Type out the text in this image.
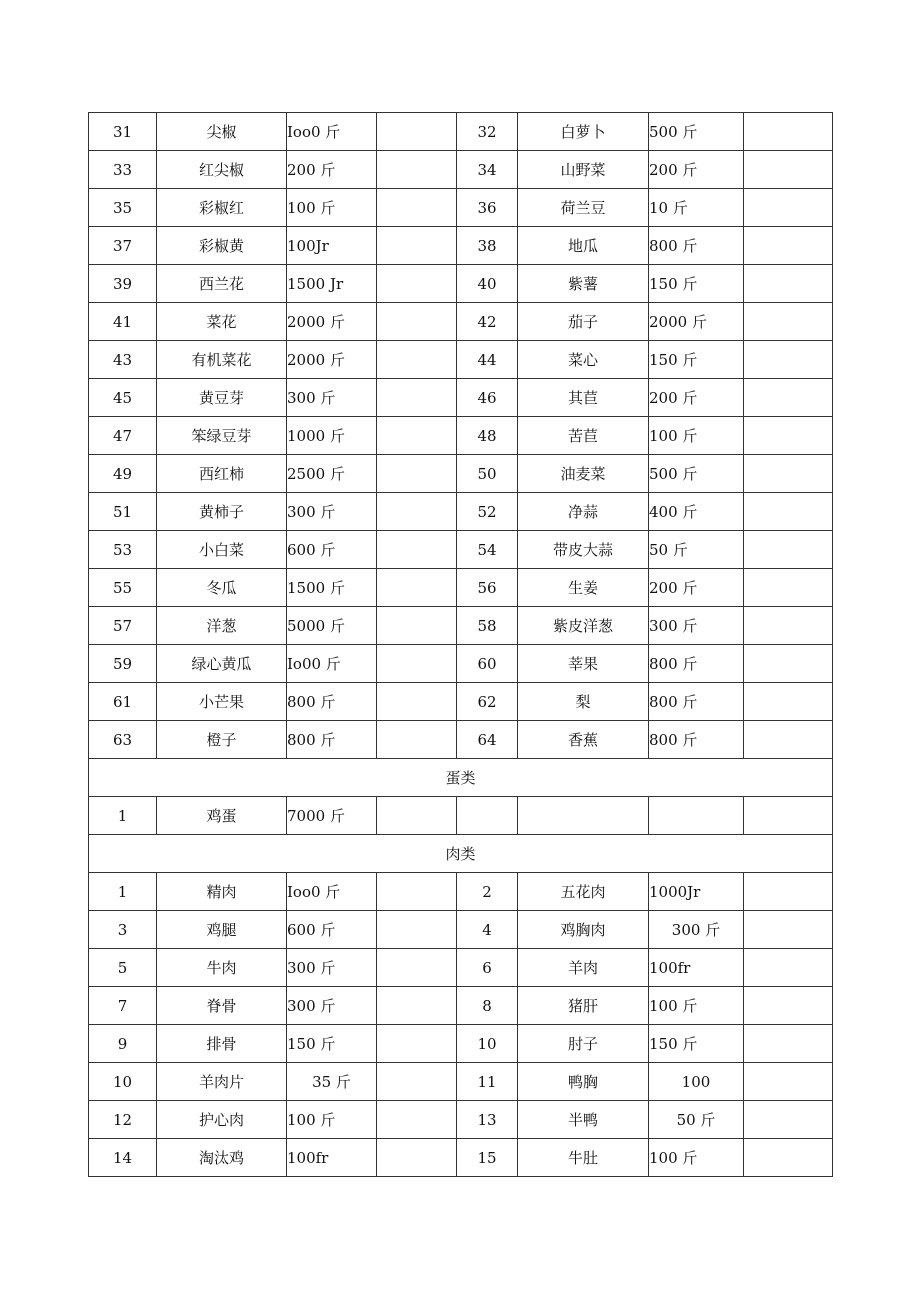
31	尖椒	Ioo0 斤		32	白萝卜	500 斤	
33	红尖椒	200 斤		34	山野菜	200 斤	
35	彩椒红	100 斤		36	荷兰豆	10 斤	
37	彩椒黄	100Jr		38	地瓜	800 斤	
39	西兰花	1500 Jr		40	紫薯	150 斤	
41	菜花	2000 斤		42	茄子	2000 斤	
43	有机菜花	2000 斤		44	菜心	150 斤	
45	黄豆芽	300 斤		46	其苣	200 斤	
47	笨绿豆芽	1000 斤		48	苦苣	100 斤	
49	西红柿	2500 斤		50	油麦菜	500 斤	
51	黄柿子	300 斤		52	净蒜	400 斤	
53	小白菜	600 斤		54	带皮大蒜	50 斤	
55	冬瓜	1500 斤		56	生姜	200 斤	
57	洋葱	5000 斤		58	紫皮洋葱	300 斤	
59	绿心黄瓜	Io00 斤		60	莘果	800 斤	
61	小芒果	800 斤		62	梨	800 斤	
63	橙子	800 斤		64	香蕉	800 斤	
蛋类							
1	鸡蛋	7000 斤					
肉类							
1	精肉	Ioo0 斤		2	五花肉	1000Jr	
3	鸡腿	600 斤		4	鸡胸肉	300 斤	
5	牛肉	300 斤		6	羊肉	100fr	
7	脊骨	300 斤		8	猪肝	100 斤	
9	排骨	150 斤		10	肘子	150 斤	
10	羊肉片	35 斤		11	鸭胸	100	
12	护心肉	100 斤		13	半鸭	50 斤	
14	淘汰鸡	100fr		15	牛肚	100 斤	
